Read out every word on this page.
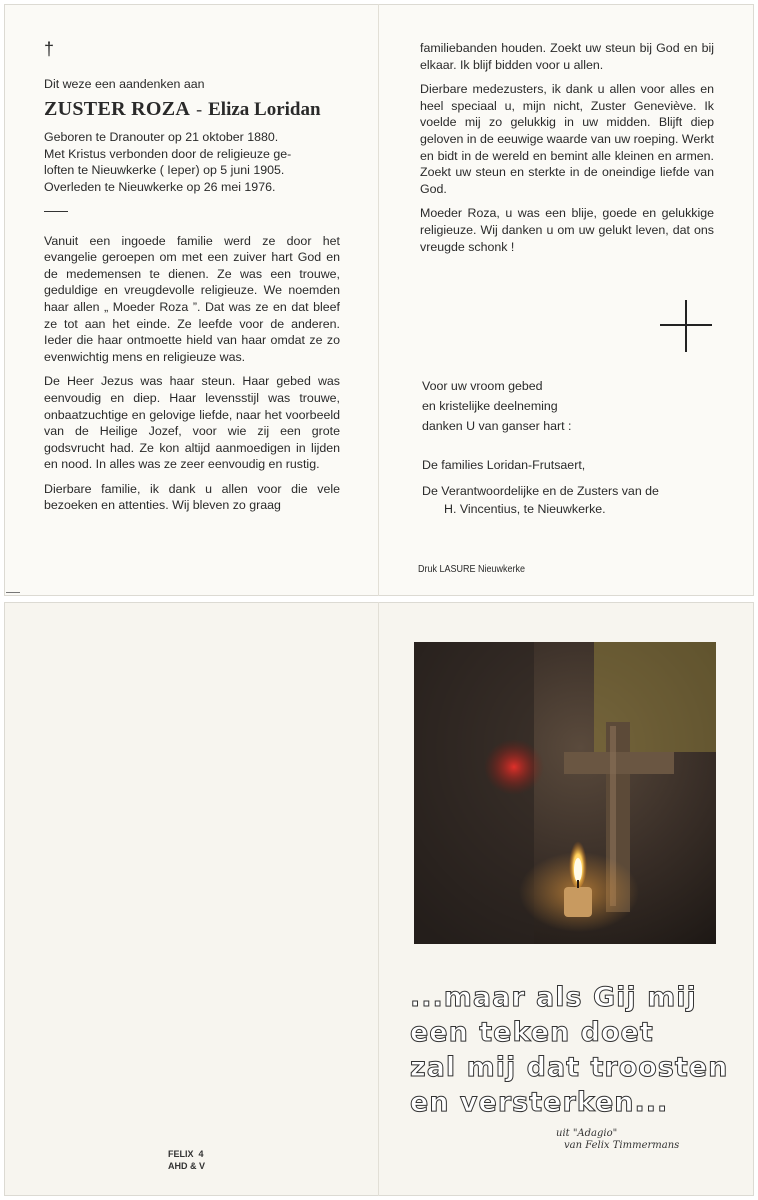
†
Dit weze een aandenken aan
ZUSTER ROZA - Eliza Loridan
Geboren te Dranouter op 21 oktober 1880.
Met Kristus verbonden door de religieuze ge-
loften te Nieuwkerke ( Ieper) op 5 juni 1905.
Overleden te Nieuwkerke op 26 mei 1976.

Vanuit een ingoede familie werd ze door het evangelie geroepen om met een zuiver hart God en de medemensen te dienen. Ze was een trouwe, geduldige en vreugdevolle religieuze. We noemden haar allen „ Moeder Roza ”. Dat was ze en dat bleef ze tot aan het einde. Ze leefde voor de anderen. Ieder die haar ontmoette hield van haar omdat ze zo evenwichtig mens en religieuze was.

De Heer Jezus was haar steun. Haar gebed was eenvoudig en diep. Haar levensstijl was trouwe, onbaatzuchtige en gelovige liefde, naar het voorbeeld van de Heilige Jozef, voor wie zij een grote godsvrucht had. Ze kon altijd aanmoedigen in lijden en nood. In alles was ze zeer eenvoudig en rustig.

Dierbare familie, ik dank u allen voor die vele bezoeken en attenties. Wij bleven zo graag

familiebanden houden. Zoekt uw steun bij God en bij elkaar. Ik blijf bidden voor u allen.

Dierbare medezusters, ik dank u allen voor alles en heel speciaal u, mijn nicht, Zuster Geneviève. Ik voelde mij zo gelukkig in uw midden. Blijft diep geloven in de eeuwige waarde van uw roeping. Werkt en bidt in de wereld en bemint alle kleinen en armen. Zoekt uw steun en sterkte in de oneindige liefde van God.

Moeder Roza, u was een blije, goede en gelukkige religieuze. Wij danken u om uw gelukt leven, dat ons vreugde schonk !

Voor uw vroom gebed
en kristelijke deelneming
danken U van ganser hart :
De families Loridan-Frutsaert,
De Verantwoordelijke en de Zusters van de
H. Vincentius, te Nieuwkerke.
Druk LASURE Nieuwkerke
...maar als Gij mij
een teken doet
zal mij dat troosten
en versterken...
uit "Adagio"
van Felix Timmermans
FELIX  4
AHD & V
